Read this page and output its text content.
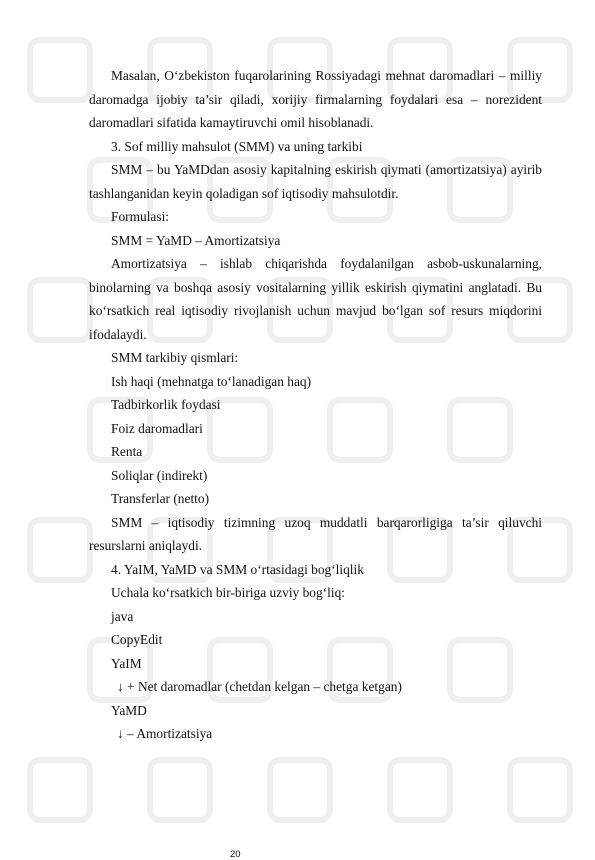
Masalan, O‘zbekiston fuqarolarining Rossiyadagi mehnat daromadlari – milliy daromadga ijobiy ta’sir qiladi, xorijiy firmalarning foydalari esa – norezident daromadlari sifatida kamaytiruvchi omil hisoblanadi.

3. Sof milliy mahsulot (SMM) va uning tarkibi

SMM – bu YaMDdan asosiy kapitalning eskirish qiymati (amortizatsiya) ayirib tashlanganidan keyin qoladigan sof iqtisodiy mahsulotdir.

Formulasi:

SMM = YaMD – Amortizatsiya

Amortizatsiya – ishlab chiqarishda foydalanilgan asbob-uskunalarning, binolarning va boshqa asosiy vositalarning yillik eskirish qiymatini anglatadi. Bu ko‘rsatkich real iqtisodiy rivojlanish uchun mavjud bo‘lgan sof resurs miqdorini ifodalaydi.

SMM tarkibiy qismlari:

Ish haqi (mehnatga to‘lanadigan haq)

Tadbirkorlik foydasi

Foiz daromadlari

Renta

Soliqlar (indirekt)

Transferlar (netto)

SMM – iqtisodiy tizimning uzoq muddatli barqarorligiga ta’sir qiluvchi resurslarni aniqlaydi.

4. YaIM, YaMD va SMM o‘rtasidagi bog‘liqlik

Uchala ko‘rsatkich bir-biriga uzviy bog‘liq:

java

CopyEdit

YaIM

↓ + Net daromadlar (chetdan kelgan – chetga ketgan)

YaMD

↓ – Amortizatsiya

20
